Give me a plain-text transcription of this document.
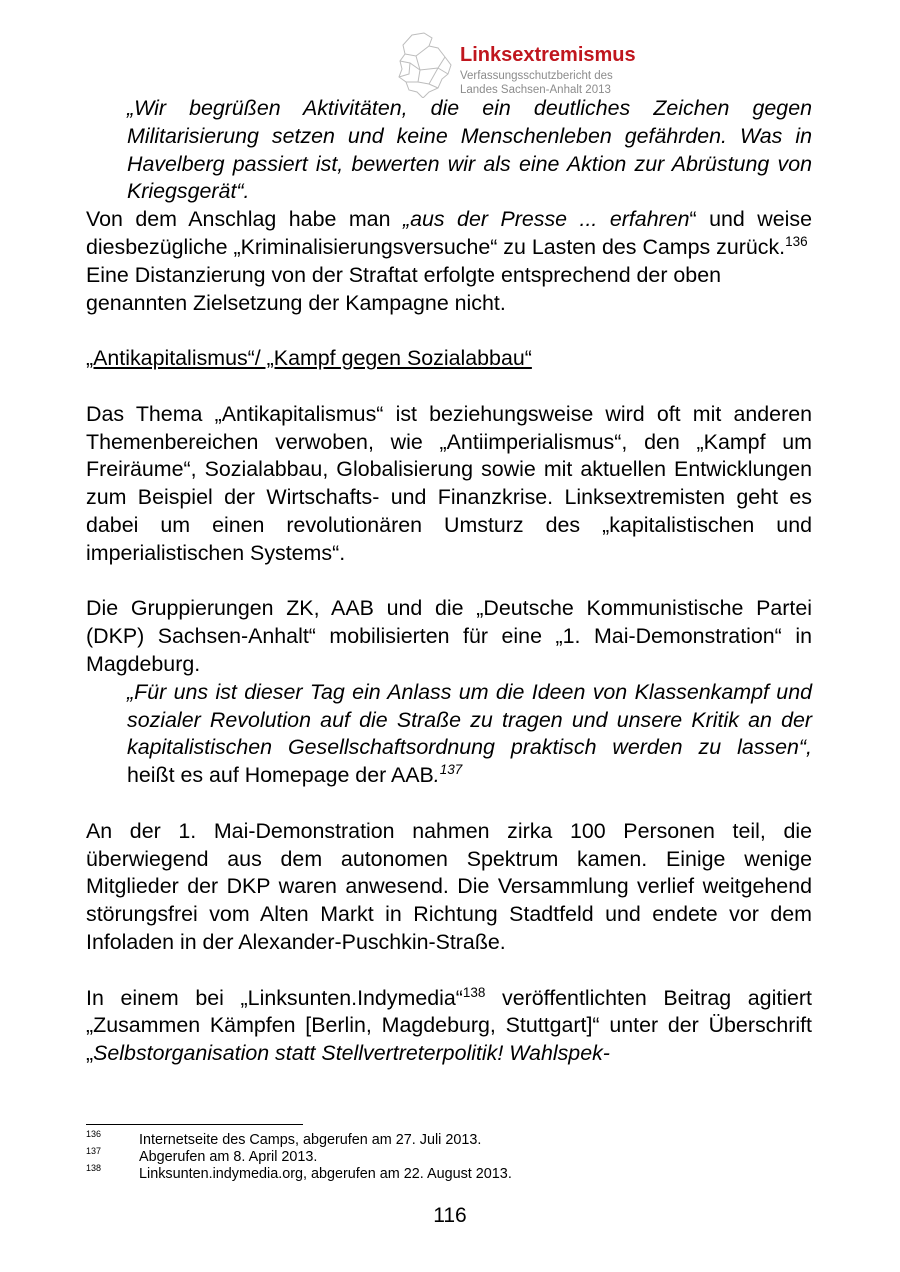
Linksextremismus
Verfassungsschutzbericht des
Landes Sachsen-Anhalt 2013

„Wir begrüßen Aktivitäten, die ein deutliches Zeichen gegen Militarisierung setzen und keine Menschenleben gefährden. Was in Havelberg passiert ist, bewerten wir als eine Aktion zur Abrüstung von Kriegsgerät“.

Von dem Anschlag habe man „aus der Presse ... erfahren“ und weise diesbezügliche „Kriminalisierungsversuche“ zu Lasten des Camps zurück.$^{136}$

Eine Distanzierung von der Straftat erfolgte entsprechend der oben genannten Zielsetzung der Kampagne nicht.

„Antikapitalismus“/ „Kampf gegen Sozialabbau“

Das Thema „Antikapitalismus“ ist beziehungsweise wird oft mit anderen Themenbereichen verwoben, wie „Antiimperialismus“, den „Kampf um Freiräume“, Sozialabbau, Globalisierung sowie mit aktuellen Entwicklungen zum Beispiel der Wirtschafts- und Finanzkrise. Linksextremisten geht es dabei um einen revolutionären Umsturz des „kapitalistischen und imperialistischen Systems“.

Die Gruppierungen ZK, AAB und die „Deutsche Kommunistische Partei (DKP) Sachsen-Anhalt“ mobilisierten für eine „1. Mai-Demonstration“ in Magdeburg.

„Für uns ist dieser Tag ein Anlass um die Ideen von Klassenkampf und sozialer Revolution auf die Straße zu tragen und unsere Kritik an der kapitalistischen Gesellschaftsordnung praktisch werden zu lassen“, heißt es auf Homepage der AAB.$^{137}$

An der 1. Mai-Demonstration nahmen zirka 100 Personen teil, die überwiegend aus dem autonomen Spektrum kamen. Einige wenige Mitglieder der DKP waren anwesend. Die Versammlung verlief weitgehend störungsfrei vom Alten Markt in Richtung Stadtfeld und endete vor dem Infoladen in der Alexander-Puschkin-Straße.

In einem bei „Linksunten.Indymedia“$^{138}$ veröffentlichten Beitrag agitiert „Zusammen Kämpfen [Berlin, Magdeburg, Stuttgart]“ unter der Überschrift „Selbstorganisation statt Stellvertreterpolitik! Wahlspek-

136	Internetseite des Camps, abgerufen am 27. Juli 2013.
137	Abgerufen am 8. April 2013.
138	Linksunten.indymedia.org, abgerufen am 22. August 2013.
116
